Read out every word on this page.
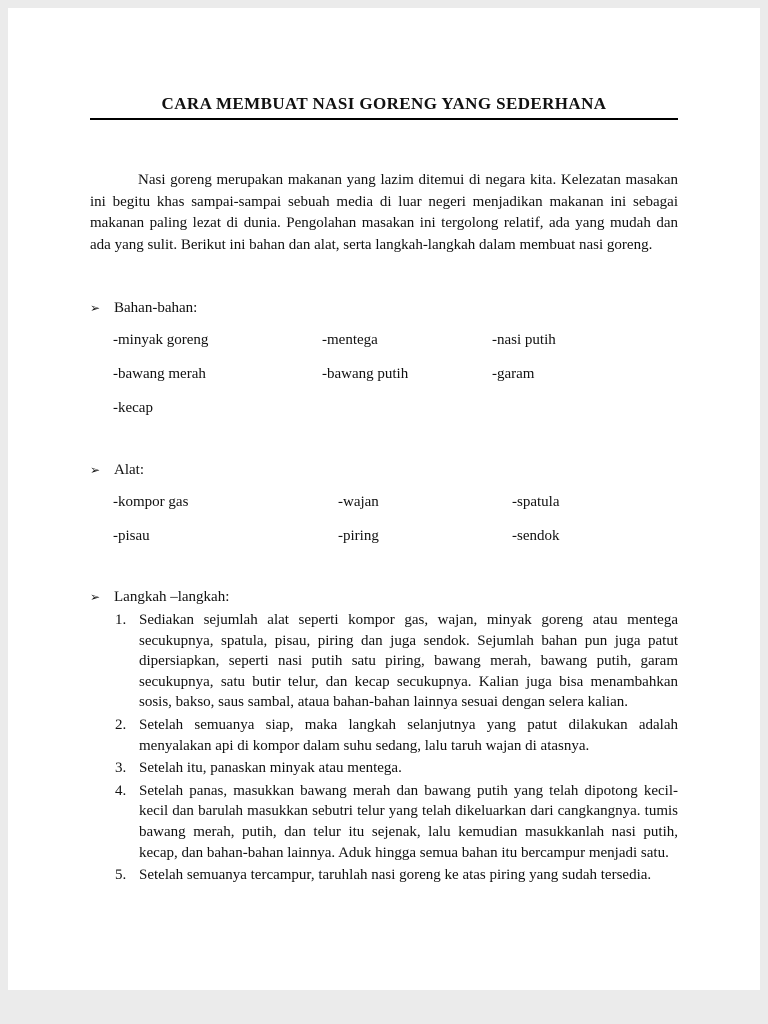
CARA MEMBUAT NASI GORENG YANG SEDERHANA

Nasi goreng merupakan makanan yang lazim ditemui di negara kita. Kelezatan masakan ini begitu khas sampai-sampai sebuah media di luar negeri menjadikan makanan ini sebagai makanan paling lezat di dunia. Pengolahan masakan ini tergolong relatif, ada yang mudah dan ada yang sulit. Berikut ini bahan dan alat, serta langkah-langkah dalam membuat nasi goreng.

➢ Bahan-bahan:
-minyak goreng	-mentega	-nasi putih
-bawang merah	-bawang putih	-garam
-kecap
➢ Alat:
-kompor gas	-wajan	-spatula
-pisau	-piring	-sendok
➢ Langkah –langkah:
1. Sediakan sejumlah alat seperti kompor gas, wajan, minyak goreng atau mentega secukupnya, spatula, pisau, piring dan juga sendok. Sejumlah bahan pun juga patut dipersiapkan, seperti nasi putih satu piring, bawang merah, bawang putih, garam secukupnya, satu butir telur, dan kecap secukupnya. Kalian juga bisa menambahkan sosis, bakso, saus sambal, ataua bahan-bahan lainnya sesuai dengan selera kalian.
2. Setelah semuanya siap, maka langkah selanjutnya yang patut dilakukan adalah menyalakan api di kompor dalam suhu sedang, lalu taruh wajan di atasnya.
3. Setelah itu, panaskan minyak atau mentega.
4. Setelah panas, masukkan bawang merah dan bawang putih yang telah dipotong kecil-kecil dan barulah masukkan sebutri telur yang telah dikeluarkan dari cangkangnya. tumis bawang merah, putih, dan telur itu sejenak, lalu kemudian masukkanlah nasi putih, kecap, dan bahan-bahan lainnya. Aduk hingga semua bahan itu bercampur menjadi satu.
5. Setelah semuanya tercampur, taruhlah nasi goreng ke atas piring yang sudah tersedia.
